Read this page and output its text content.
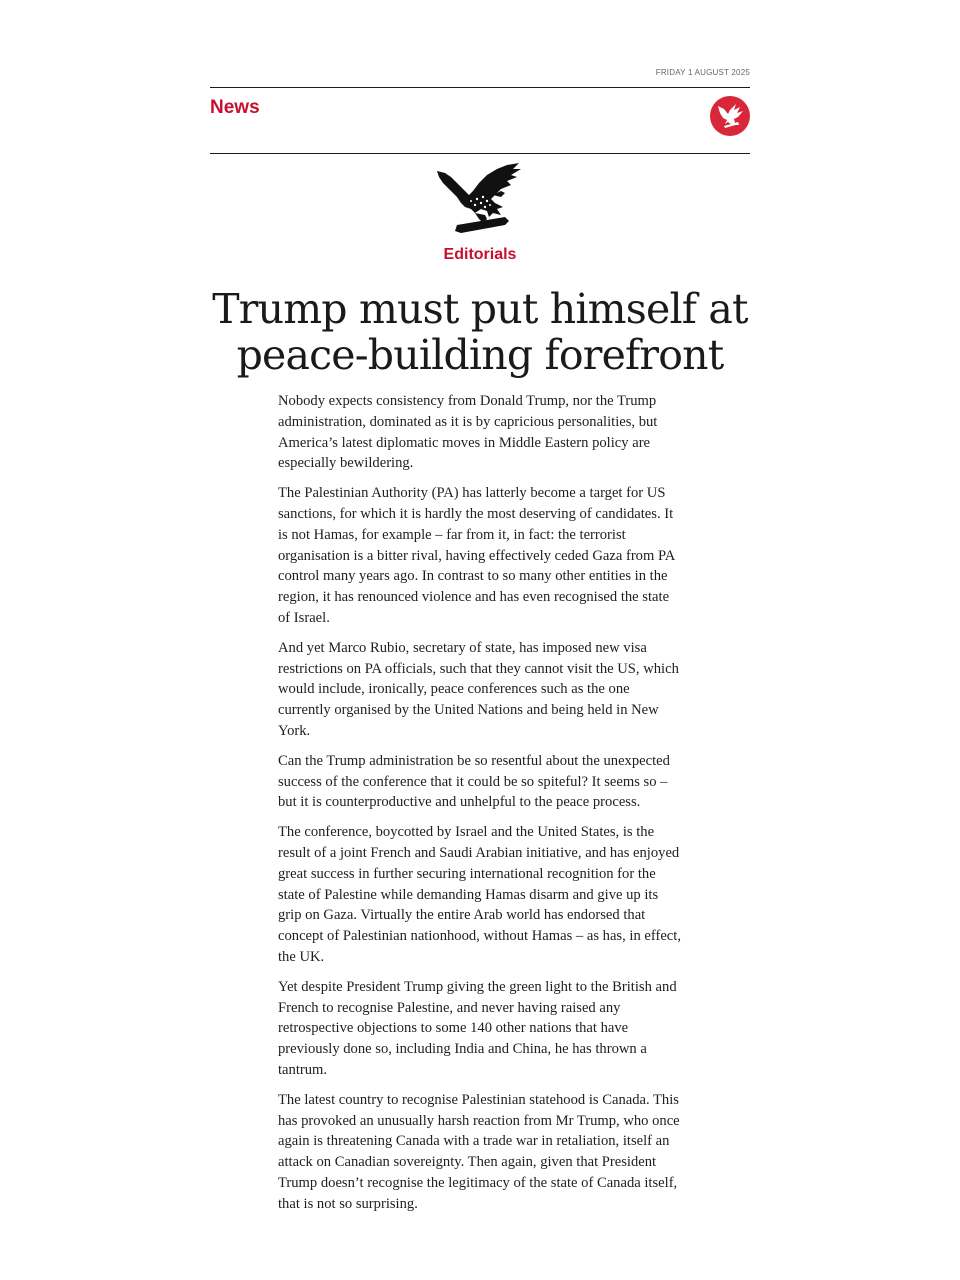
FRIDAY 1 AUGUST 2025
News
Editorials
Trump must put himself at peace-building forefront

Nobody expects consistency from Donald Trump, nor the Trump administration, dominated as it is by capricious personalities, but America’s latest diplomatic moves in Middle Eastern policy are especially bewildering.

The Palestinian Authority (PA) has latterly become a target for US sanctions, for which it is hardly the most deserving of candidates. It is not Hamas, for example – far from it, in fact: the terrorist organisation is a bitter rival, having effectively ceded Gaza from PA control many years ago. In contrast to so many other entities in the region, it has renounced violence and has even recognised the state of Israel.

And yet Marco Rubio, secretary of state, has imposed new visa restrictions on PA officials, such that they cannot visit the US, which would include, ironically, peace conferences such as the one currently organised by the United Nations and being held in New York.

Can the Trump administration be so resentful about the unexpected success of the conference that it could be so spiteful? It seems so – but it is counterproductive and unhelpful to the peace process.

The conference, boycotted by Israel and the United States, is the result of a joint French and Saudi Arabian initiative, and has enjoyed great success in further securing international recognition for the state of Palestine while demanding Hamas disarm and give up its grip on Gaza. Virtually the entire Arab world has endorsed that concept of Palestinian nationhood, without Hamas – as has, in effect, the UK.

Yet despite President Trump giving the green light to the British and French to recognise Palestine, and never having raised any retrospective objections to some 140 other nations that have previously done so, including India and China, he has thrown a tantrum.

The latest country to recognise Palestinian statehood is Canada. This has provoked an unusually harsh reaction from Mr Trump, who once again is threatening Canada with a trade war in retaliation, itself an attack on Canadian sovereignty. Then again, given that President Trump doesn’t recognise the legitimacy of the state of Canada itself, that is not so surprising.
